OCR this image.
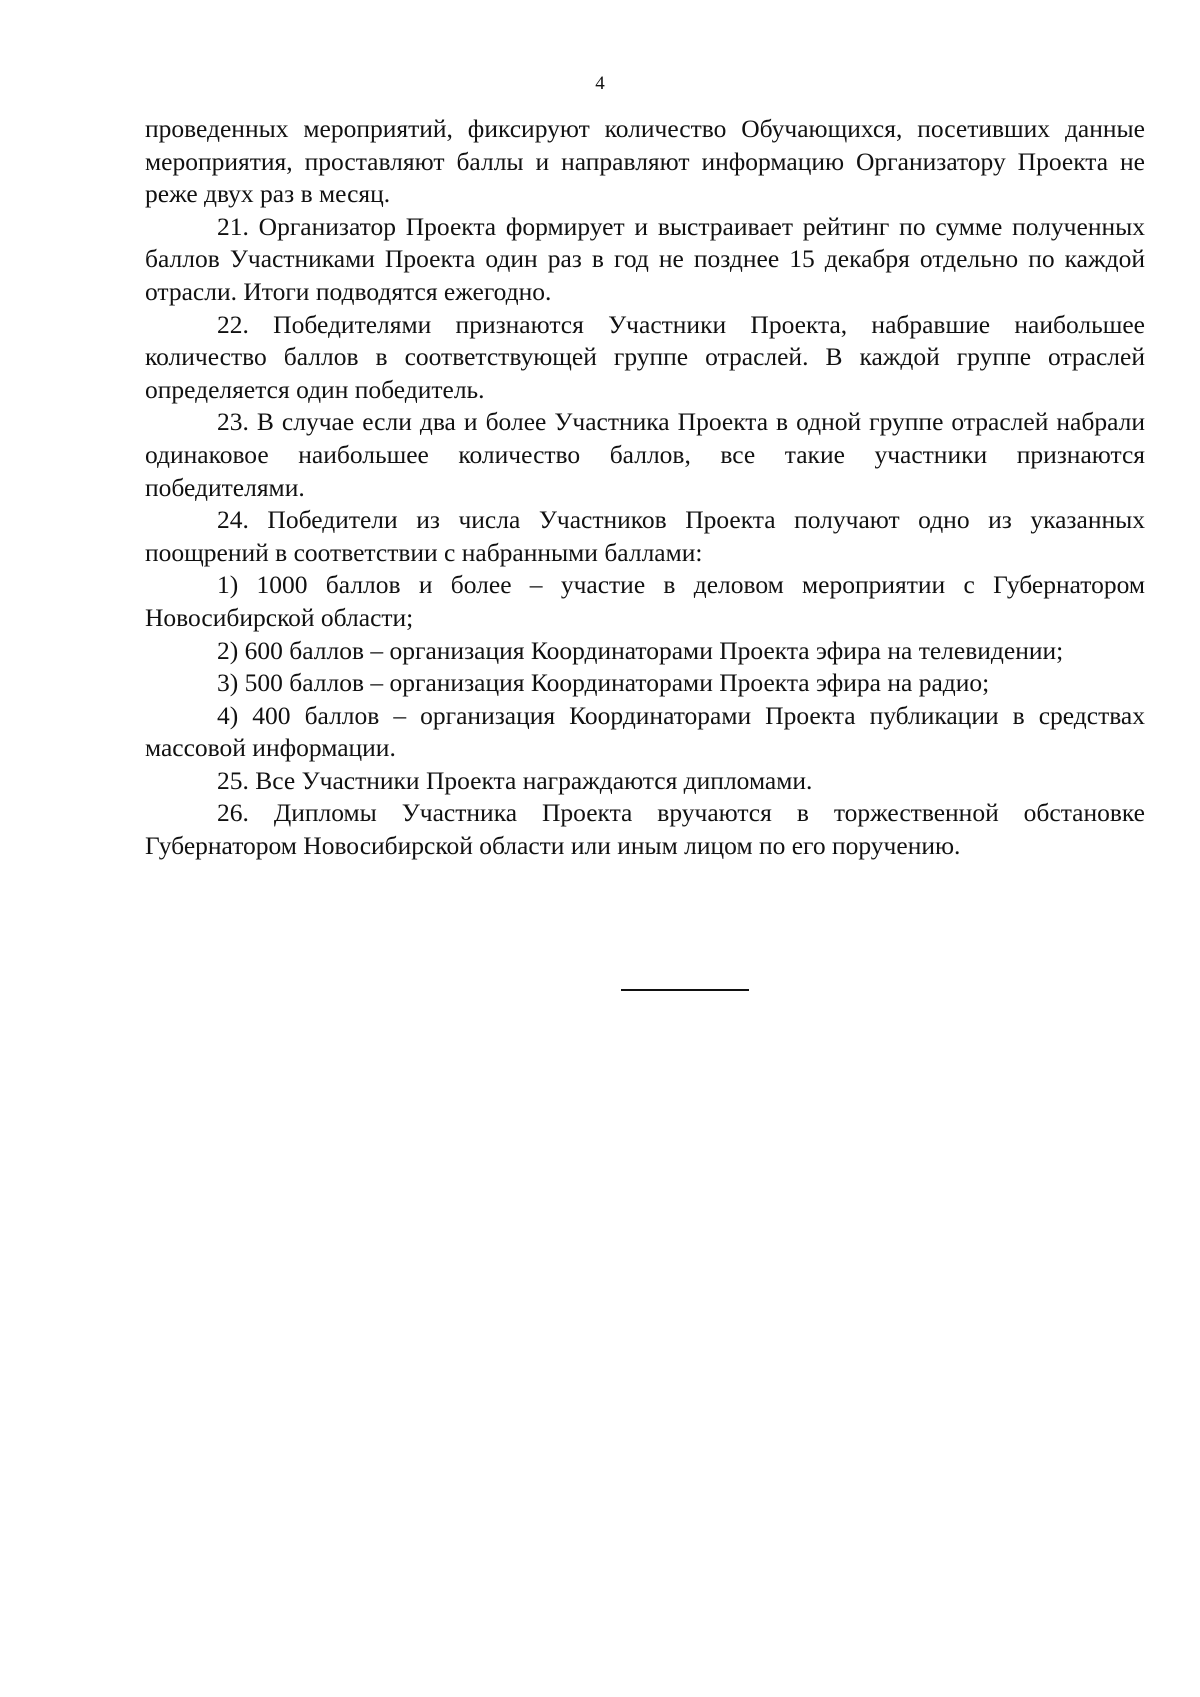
4

проведенных мероприятий, фиксируют количество Обучающихся, посетивших данные мероприятия, проставляют баллы и направляют информацию Организатору Проекта не реже двух раз в месяц.

21. Организатор Проекта формирует и выстраивает рейтинг по сумме полученных баллов Участниками Проекта один раз в год не позднее 15 декабря отдельно по каждой отрасли. Итоги подводятся ежегодно.

22. Победителями признаются Участники Проекта, набравшие наибольшее количество баллов в соответствующей группе отраслей. В каждой группе отраслей определяется один победитель.

23. В случае если два и более Участника Проекта в одной группе отраслей набрали одинаковое наибольшее количество баллов, все такие участники признаются победителями.

24. Победители из числа Участников Проекта получают одно из указанных поощрений в соответствии с набранными баллами:

1) 1000 баллов и более – участие в деловом мероприятии с Губернатором Новосибирской области;

2) 600 баллов – организация Координаторами Проекта эфира на телевидении;

3) 500 баллов – организация Координаторами Проекта эфира на радио;

4) 400 баллов – организация Координаторами Проекта публикации в средствах массовой информации.

25. Все Участники Проекта награждаются дипломами.

26. Дипломы Участника Проекта вручаются в торжественной обстановке Губернатором Новосибирской области или иным лицом по его поручению.
